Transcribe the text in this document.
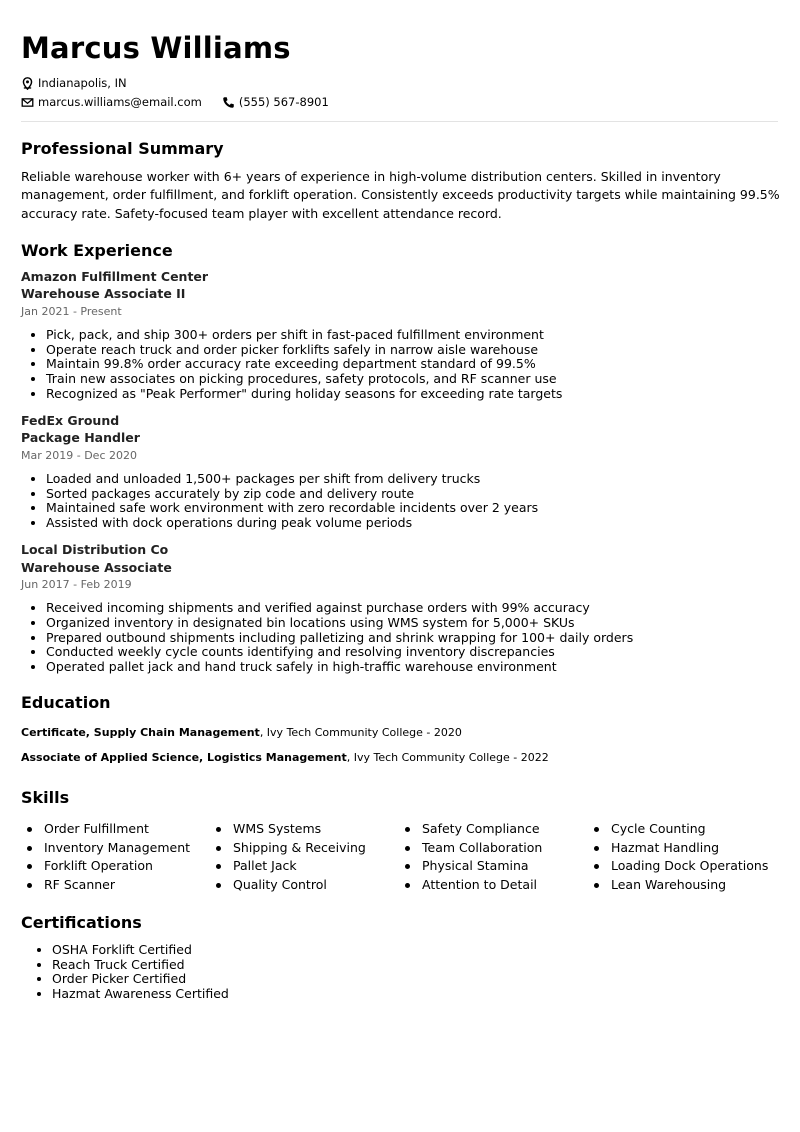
Marcus Williams
Indianapolis, IN
marcus.williams@email.com	(555) 567-8901
Professional Summary
Reliable warehouse worker with 6+ years of experience in high-volume distribution centers. Skilled in inventory management, order fulfillment, and forklift operation. Consistently exceeds productivity targets while maintaining 99.5% accuracy rate. Safety-focused team player with excellent attendance record.
Work Experience
Amazon Fulfillment Center
Warehouse Associate II
Jan 2021 - Present
• Pick, pack, and ship 300+ orders per shift in fast-paced fulfillment environment
• Operate reach truck and order picker forklifts safely in narrow aisle warehouse
• Maintain 99.8% order accuracy rate exceeding department standard of 99.5%
• Train new associates on picking procedures, safety protocols, and RF scanner use
• Recognized as "Peak Performer" during holiday seasons for exceeding rate targets
FedEx Ground
Package Handler
Mar 2019 - Dec 2020
• Loaded and unloaded 1,500+ packages per shift from delivery trucks
• Sorted packages accurately by zip code and delivery route
• Maintained safe work environment with zero recordable incidents over 2 years
• Assisted with dock operations during peak volume periods
Local Distribution Co
Warehouse Associate
Jun 2017 - Feb 2019
• Received incoming shipments and verified against purchase orders with 99% accuracy
• Organized inventory in designated bin locations using WMS system for 5,000+ SKUs
• Prepared outbound shipments including palletizing and shrink wrapping for 100+ daily orders
• Conducted weekly cycle counts identifying and resolving inventory discrepancies
• Operated pallet jack and hand truck safely in high-traffic warehouse environment
Education
Certificate, Supply Chain Management, Ivy Tech Community College - 2020
Associate of Applied Science, Logistics Management, Ivy Tech Community College - 2022
Skills
Order Fulfillment	WMS Systems	Safety Compliance	Cycle Counting
Inventory Management	Shipping & Receiving	Team Collaboration	Hazmat Handling
Forklift Operation	Pallet Jack	Physical Stamina	Loading Dock Operations
RF Scanner	Quality Control	Attention to Detail	Lean Warehousing
Certifications
• OSHA Forklift Certified
• Reach Truck Certified
• Order Picker Certified
• Hazmat Awareness Certified
